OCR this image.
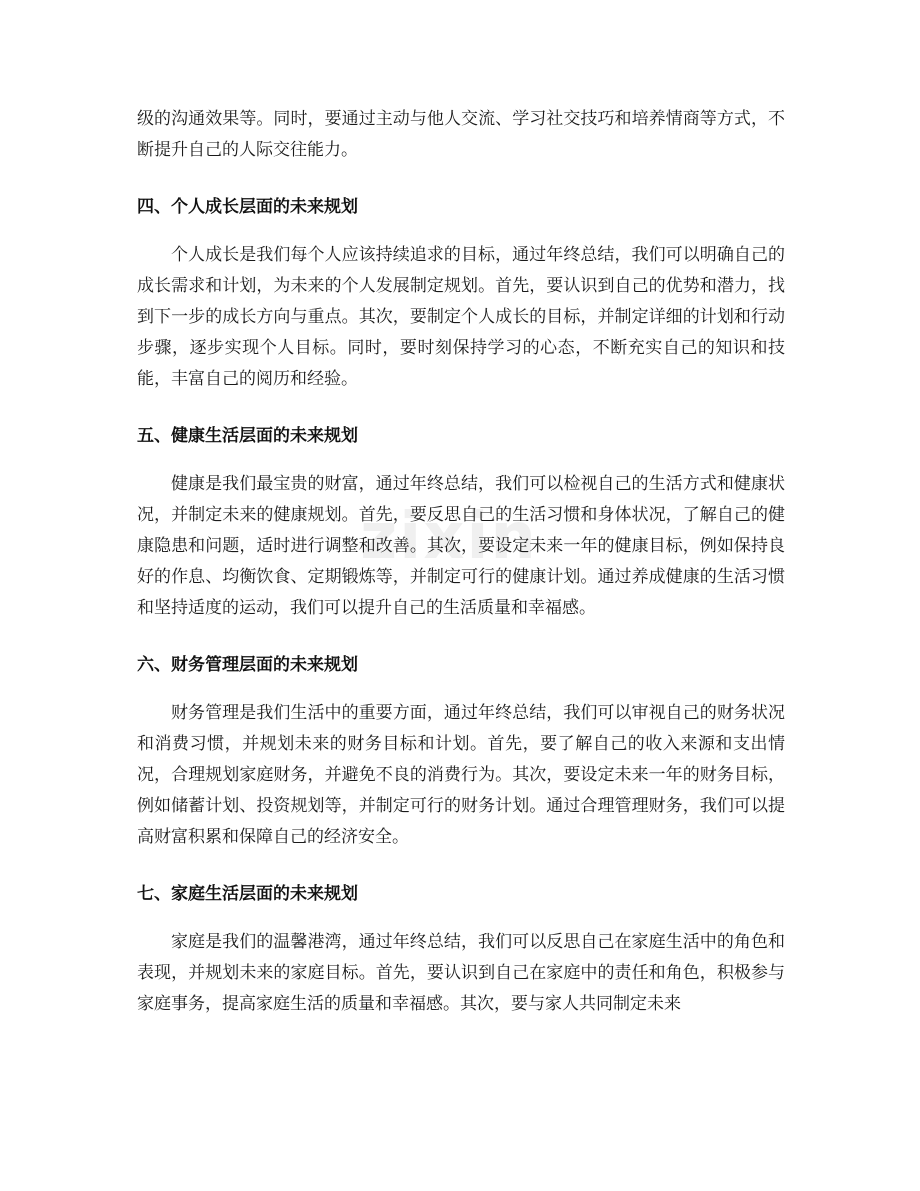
zixin

级的沟通效果等。同时，要通过主动与他人交流、学习社交技巧和培养情商等方式，不断提升自己的人际交往能力。

四、个人成长层面的未来规划

个人成长是我们每个人应该持续追求的目标，通过年终总结，我们可以明确自己的成长需求和计划，为未来的个人发展制定规划。首先，要认识到自己的优势和潜力，找到下一步的成长方向与重点。其次，要制定个人成长的目标，并制定详细的计划和行动步骤，逐步实现个人目标。同时，要时刻保持学习的心态，不断充实自己的知识和技能，丰富自己的阅历和经验。

五、健康生活层面的未来规划

健康是我们最宝贵的财富，通过年终总结，我们可以检视自己的生活方式和健康状况，并制定未来的健康规划。首先，要反思自己的生活习惯和身体状况，了解自己的健康隐患和问题，适时进行调整和改善。其次，要设定未来一年的健康目标，例如保持良好的作息、均衡饮食、定期锻炼等，并制定可行的健康计划。通过养成健康的生活习惯和坚持适度的运动，我们可以提升自己的生活质量和幸福感。

六、财务管理层面的未来规划

财务管理是我们生活中的重要方面，通过年终总结，我们可以审视自己的财务状况和消费习惯，并规划未来的财务目标和计划。首先，要了解自己的收入来源和支出情况，合理规划家庭财务，并避免不良的消费行为。其次，要设定未来一年的财务目标，例如储蓄计划、投资规划等，并制定可行的财务计划。通过合理管理财务，我们可以提高财富积累和保障自己的经济安全。

七、家庭生活层面的未来规划

家庭是我们的温馨港湾，通过年终总结，我们可以反思自己在家庭生活中的角色和表现，并规划未来的家庭目标。首先，要认识到自己在家庭中的责任和角色，积极参与家庭事务，提高家庭生活的质量和幸福感。其次，要与家人共同制定未来
